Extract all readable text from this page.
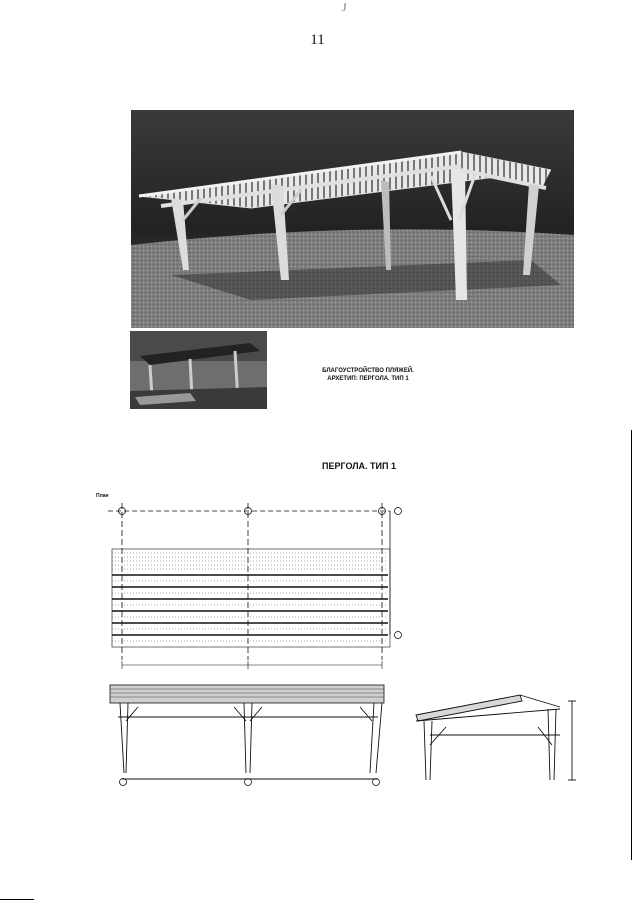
J
11
БЛАГОУСТРОЙСТВО ПЛЯЖЕЙ.
АРХЕТИП: ПЕРГОЛА. ТИП 1
ПЕРГОЛА. ТИП 1
План
